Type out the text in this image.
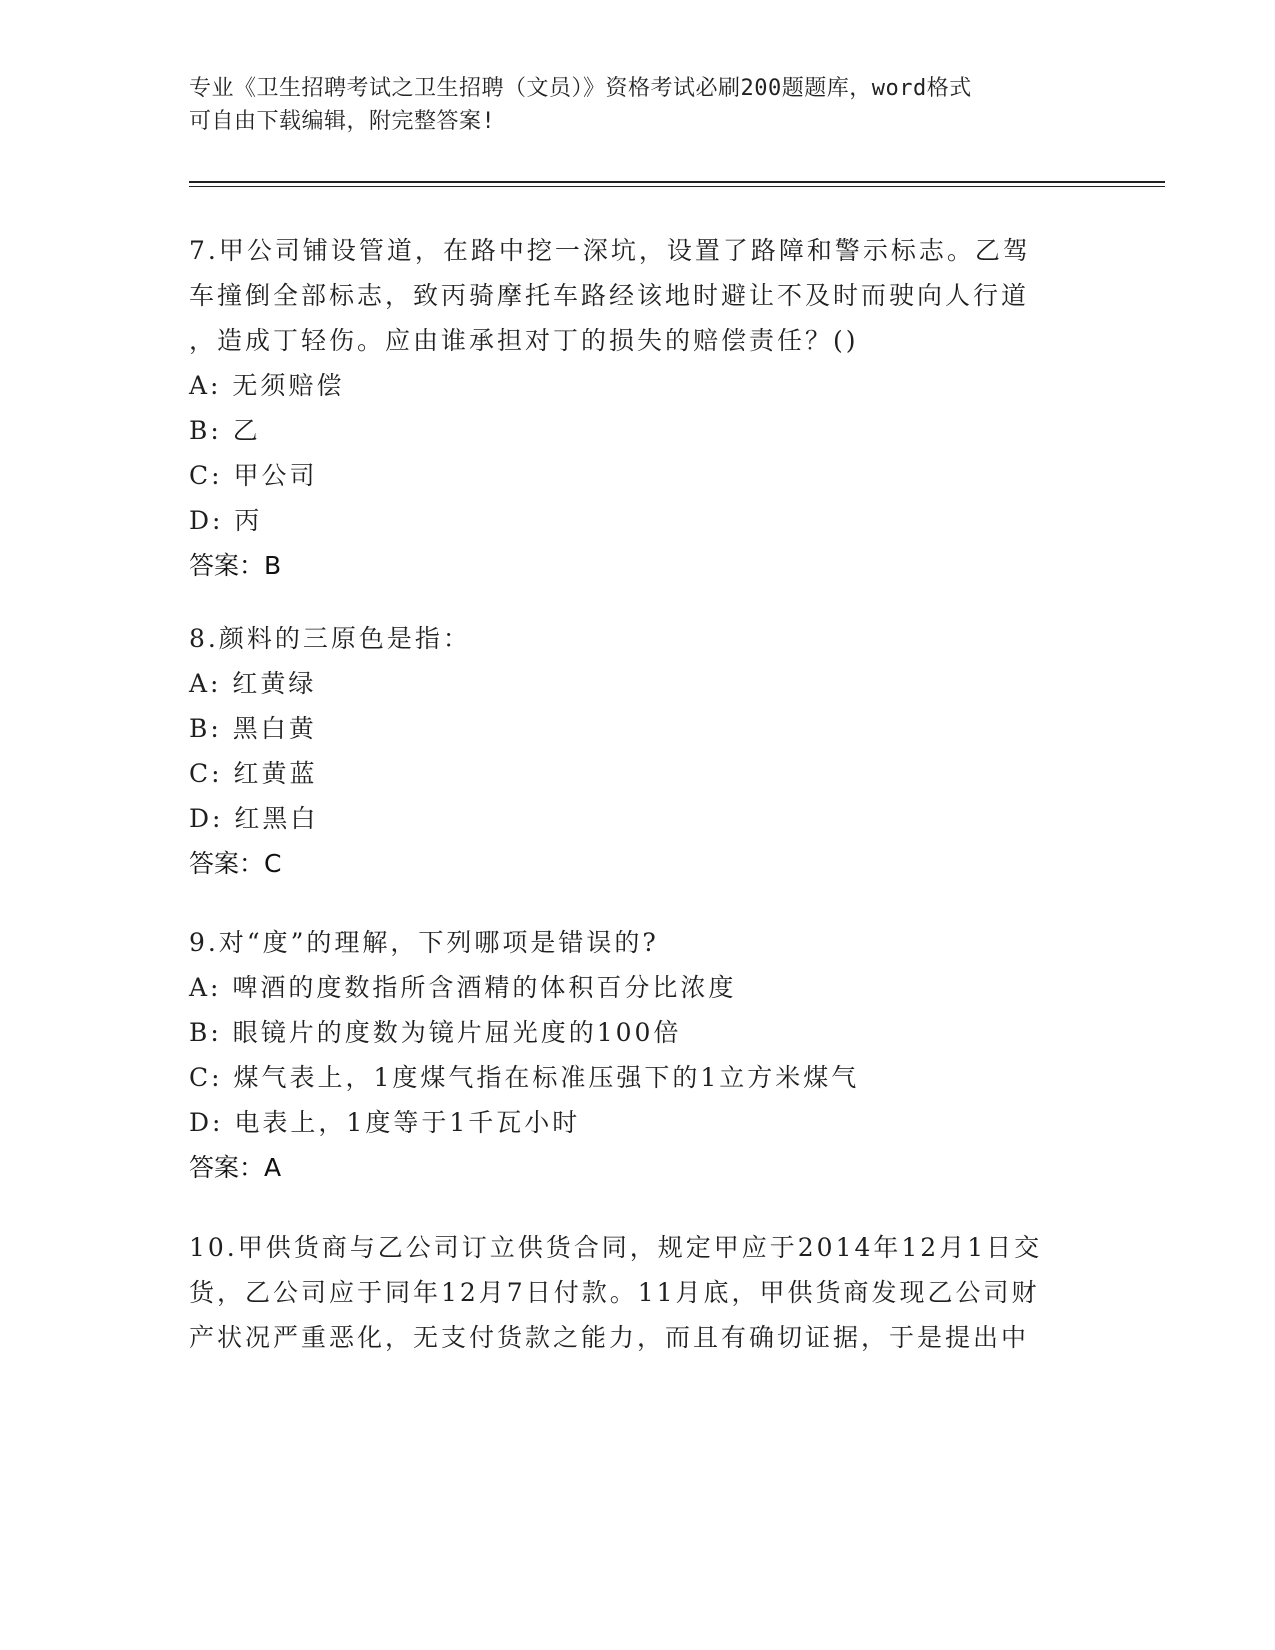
专业《卫生招聘考试之卫生招聘（文员）》资格考试必刷200题题库，word格式
可自由下载编辑，附完整答案!
7.甲公司铺设管道，在路中挖一深坑，设置了路障和警示标志。乙驾
车撞倒全部标志，致丙骑摩托车路经该地时避让不及时而驶向人行道
，造成丁轻伤。应由谁承担对丁的损失的赔偿责任？()
A: 无须赔偿
B: 乙
C: 甲公司
D: 丙
答案：B
8.颜料的三原色是指：
A: 红黄绿
B: 黑白黄
C: 红黄蓝
D: 红黑白
答案：C
9.对“度”的理解，下列哪项是错误的?
A: 啤酒的度数指所含酒精的体积百分比浓度
B: 眼镜片的度数为镜片屈光度的100倍
C: 煤气表上，1度煤气指在标准压强下的1立方米煤气
D: 电表上，1度等于1千瓦小时
答案：A
10.甲供货商与乙公司订立供货合同，规定甲应于2014年12月1日交
货，乙公司应于同年12月7日付款。11月底，甲供货商发现乙公司财
产状况严重恶化，无支付货款之能力，而且有确切证据，于是提出中
